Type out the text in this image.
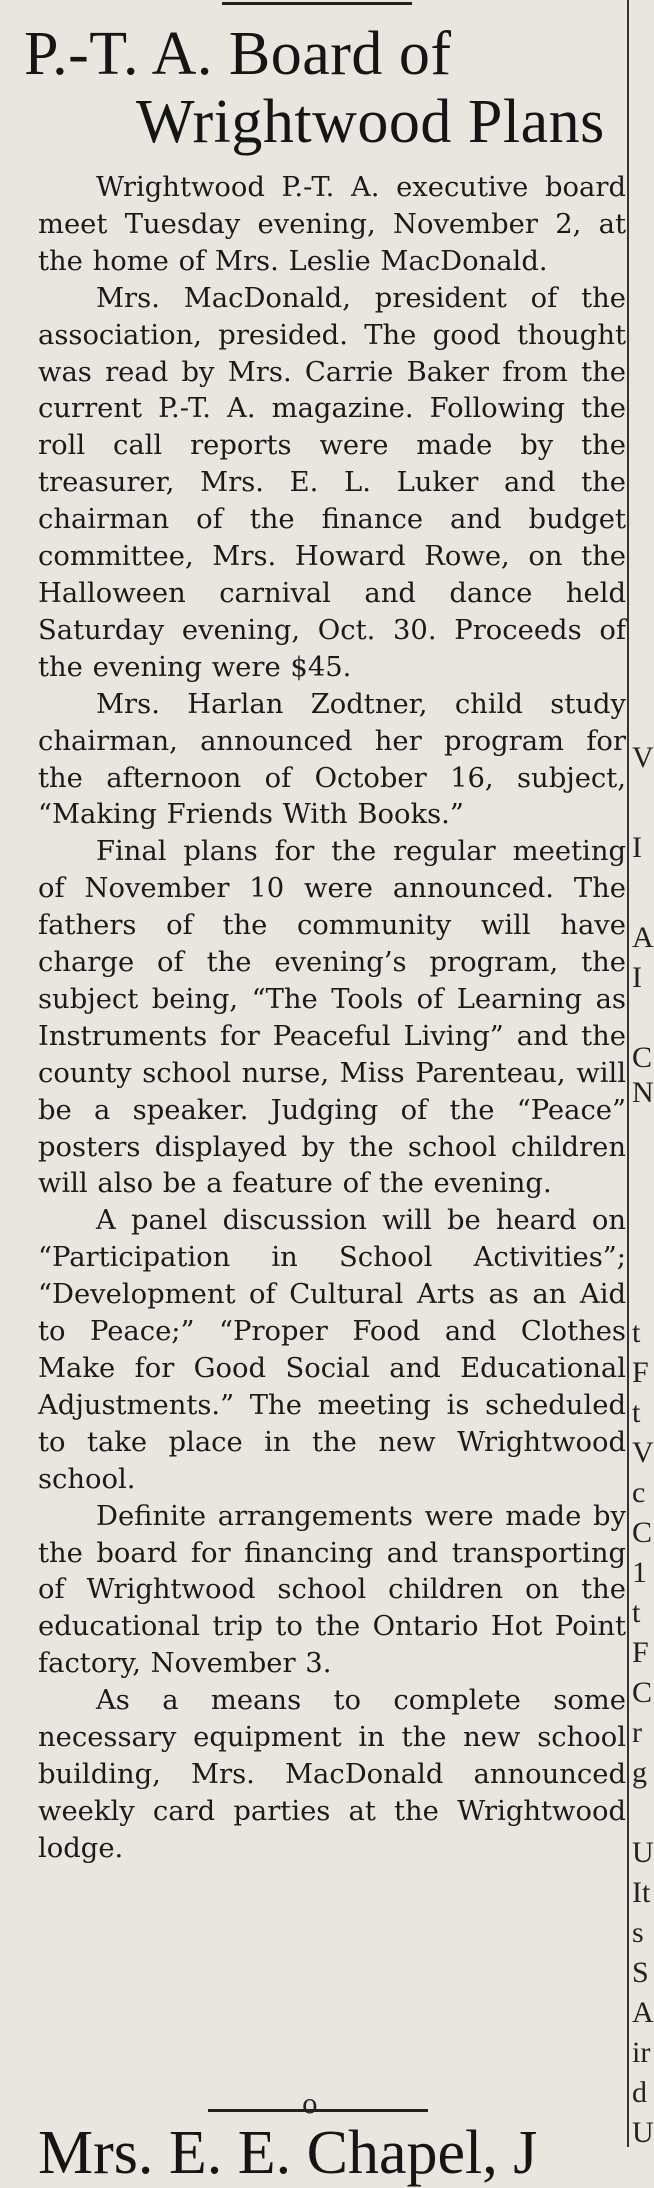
P.-T. A. Board of
Wrightwood Plans

Wrightwood P.-T. A. executive board meet Tuesday evening, November 2, at the home of Mrs. Leslie MacDonald.

Mrs. MacDonald, president of the association, presided. The good thought was read by Mrs. Carrie Baker from the current P.-T. A. magazine. Following the roll call reports were made by the treasurer, Mrs. E. L. Luker and the chairman of the finance and budget committee, Mrs. Howard Rowe, on the Halloween carnival and dance held Saturday evening, Oct. 30. Proceeds of the evening were $45.

Mrs. Harlan Zodtner, child study chairman, announced her program for the afternoon of October 16, subject, “Making Friends With Books.”

Final plans for the regular meeting of November 10 were announced. The fathers of the community will have charge of the evening’s program, the subject being, “The Tools of Learning as Instruments for Peaceful Living” and the county school nurse, Miss Parenteau, will be a speaker. Judging of the “Peace” posters displayed by the school children will also be a feature of the evening.

A panel discussion will be heard on “Participation in School Activities”; “Development of Cultural Arts as an Aid to Peace;” “Proper Food and Clothes Make for Good Social and Educational Adjustments.” The meeting is scheduled to take place in the new Wrightwood school.

Definite arrangements were made by the board for financing and transporting of Wrightwood school children on the educational trip to the Ontario Hot Point factory, November 3.

As a means to complete some necessary equipment in the new school building, Mrs. MacDonald announced weekly card parties at the Wrightwood lodge.

o
Mrs. E. E. Chapel, J
V
I
A
I
C
N
t
F
t
V
c
C
1
t
F
C
r
g
U
It
s
S
A
ir
d
U
